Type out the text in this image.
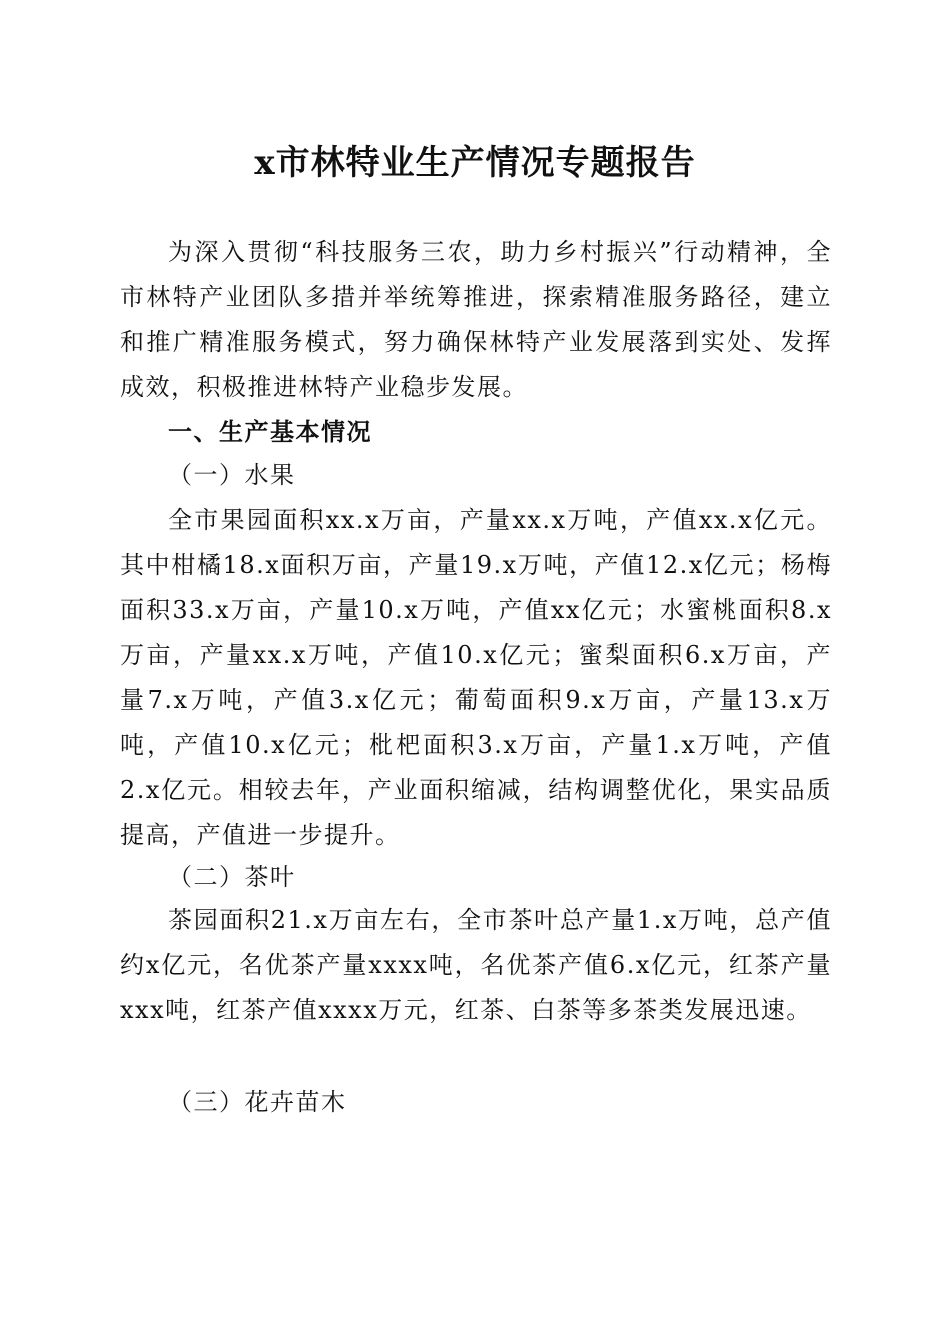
x市林特业生产情况专题报告

为深入贯彻“科技服务三农，助力乡村振兴”行动精神，全市林特产业团队多措并举统筹推进，探索精准服务路径，建立和推广精准服务模式，努力确保林特产业发展落到实处、发挥成效，积极推进林特产业稳步发展。

一、生产基本情况

（一）水果

全市果园面积xx.x万亩，产量xx.x万吨，产值xx.x亿元。其中柑橘18.x面积万亩，产量19.x万吨，产值12.x亿元；杨梅面积33.x万亩，产量10.x万吨，产值xx亿元；水蜜桃面积8.x万亩，产量xx.x万吨，产值10.x亿元；蜜梨面积6.x万亩，产量7.x万吨，产值3.x亿元；葡萄面积9.x万亩，产量13.x万吨，产值10.x亿元；枇杷面积3.x万亩，产量1.x万吨，产值2.x亿元。相较去年，产业面积缩减，结构调整优化，果实品质提高，产值进一步提升。

（二）茶叶

茶园面积21.x万亩左右，全市茶叶总产量1.x万吨，总产值约x亿元，名优茶产量xxxx吨，名优茶产值6.x亿元，红茶产量xxx吨，红茶产值xxxx万元，红茶、白茶等多茶类发展迅速。

（三）花卉苗木
